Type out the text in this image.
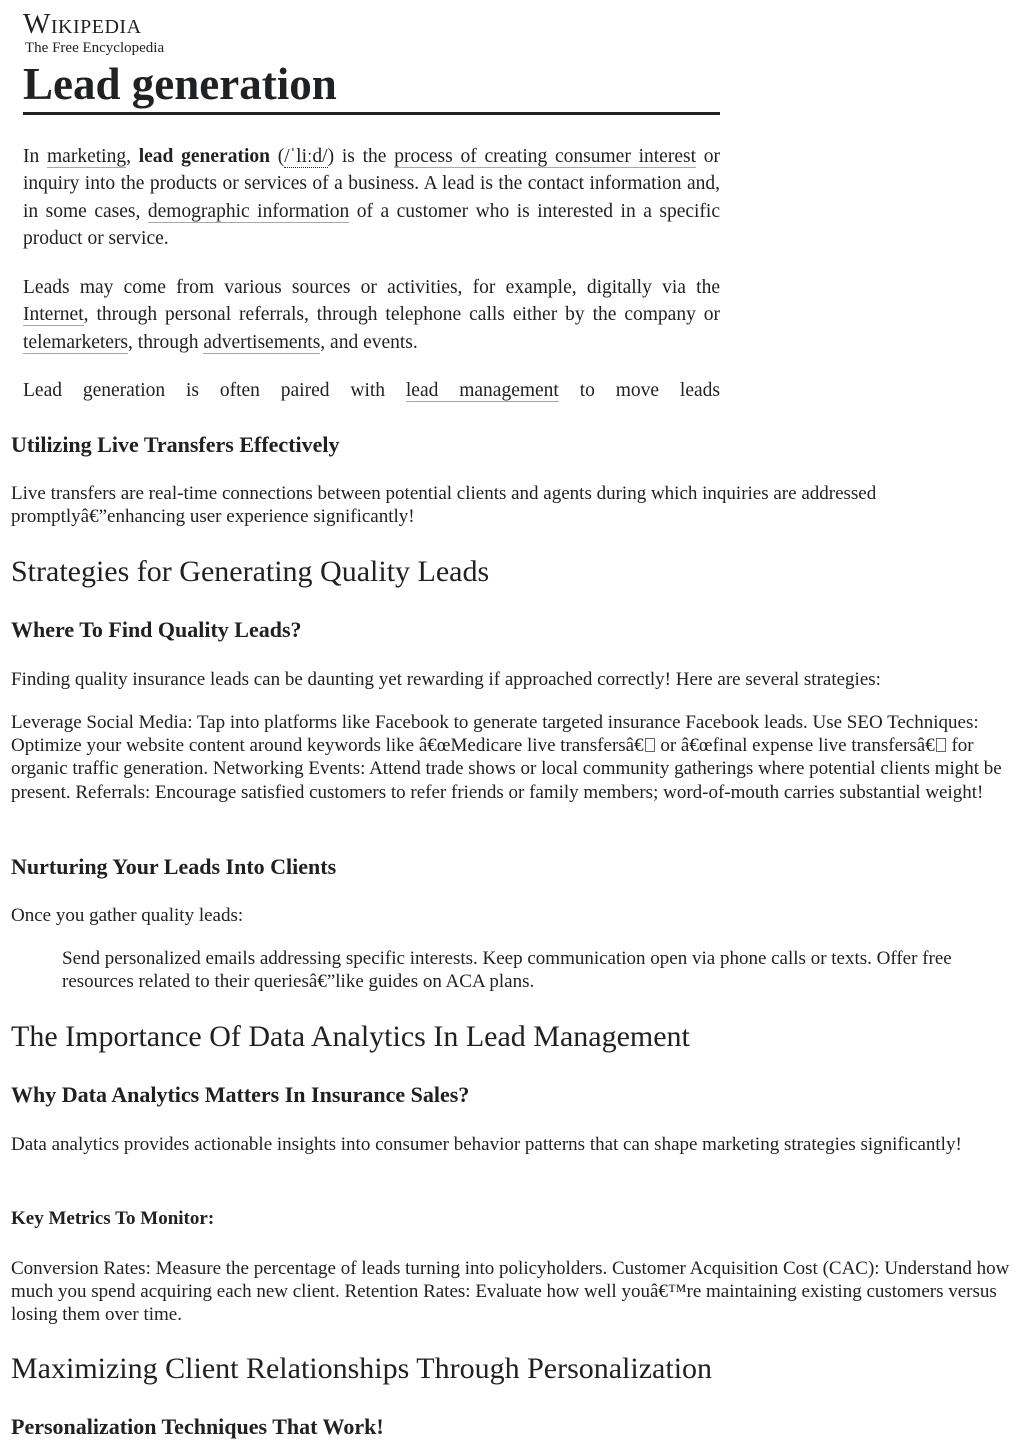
Wikipedia
The Free Encyclopedia
Lead generation
In marketing, lead generation (/ˈliːd/) is the process of creating consumer interest or inquiry into the products or services of a business. A lead is the contact information and, in some cases, demographic information of a customer who is interested in a specific product or service.
Leads may come from various sources or activities, for example, digitally via the Internet, through personal referrals, through telephone calls either by the company or telemarketers, through advertisements, and events.
Lead generation is often paired with lead management to move leads
Utilizing Live Transfers Effectively
Live transfers are real-time connections between potential clients and agents during which inquiries are addressed promptlyâ€”enhancing user experience significantly!
Strategies for Generating Quality Leads
Where To Find Quality Leads?
Finding quality insurance leads can be daunting yet rewarding if approached correctly! Here are several strategies:
Leverage Social Media: Tap into platforms like Facebook to generate targeted insurance Facebook leads. Use SEO Techniques: Optimize your website content around keywords like â€œMedicare live transfersâ€ or â€œfinal expense live transfersâ€ for organic traffic generation. Networking Events: Attend trade shows or local community gatherings where potential clients might be present. Referrals: Encourage satisfied customers to refer friends or family members; word-of-mouth carries substantial weight!
Nurturing Your Leads Into Clients
Once you gather quality leads:
Send personalized emails addressing specific interests. Keep communication open via phone calls or texts. Offer free resources related to their queriesâ€”like guides on ACA plans.
The Importance Of Data Analytics In Lead Management
Why Data Analytics Matters In Insurance Sales?
Data analytics provides actionable insights into consumer behavior patterns that can shape marketing strategies significantly!
Key Metrics To Monitor:
Conversion Rates: Measure the percentage of leads turning into policyholders. Customer Acquisition Cost (CAC): Understand how much you spend acquiring each new client. Retention Rates: Evaluate how well youâ€™re maintaining existing customers versus losing them over time.
Maximizing Client Relationships Through Personalization
Personalization Techniques That Work!
